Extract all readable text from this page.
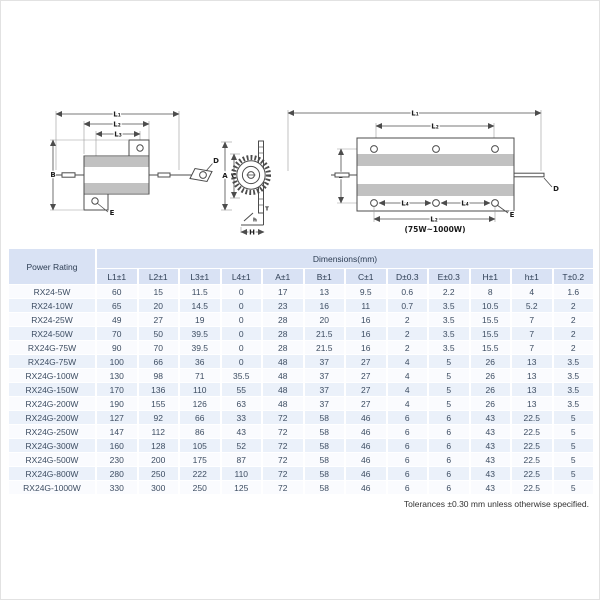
L₁
L₂
L₃
B
E
D
A C
T
h
H
L₁
L₂
D
L₄	L₄
L₂
(75W~1000W)
E
Power Rating	Dimensions(mm)											
	L1±1	L2±1	L3±1	L4±1	A±1	B±1	C±1	D±0.3	E±0.3	H±1	h±1	T±0.2
RX24-5W	60	15	11.5	0	17	13	9.5	0.6	2.2	8	4	1.6
RX24-10W	65	20	14.5	0	23	16	11	0.7	3.5	10.5	5.2	2
RX24-25W	49	27	19	0	28	20	16	2	3.5	15.5	7	2
RX24-50W	70	50	39.5	0	28	21.5	16	2	3.5	15.5	7	2
RX24G-75W	90	70	39.5	0	28	21.5	16	2	3.5	15.5	7	2
RX24G-75W	100	66	36	0	48	37	27	4	5	26	13	3.5
RX24G-100W	130	98	71	35.5	48	37	27	4	5	26	13	3.5
RX24G-150W	170	136	110	55	48	37	27	4	5	26	13	3.5
RX24G-200W	190	155	126	63	48	37	27	4	5	26	13	3.5
RX24G-200W	127	92	66	33	72	58	46	6	6	43	22.5	5
RX24G-250W	147	112	86	43	72	58	46	6	6	43	22.5	5
RX24G-300W	160	128	105	52	72	58	46	6	6	43	22.5	5
RX24G-500W	230	200	175	87	72	58	46	6	6	43	22.5	5
RX24G-800W	280	250	222	110	72	58	46	6	6	43	22.5	5
RX24G-1000W	330	300	250	125	72	58	46	6	6	43	22.5	5
Tolerances ±0.30 mm unless otherwise specified.
